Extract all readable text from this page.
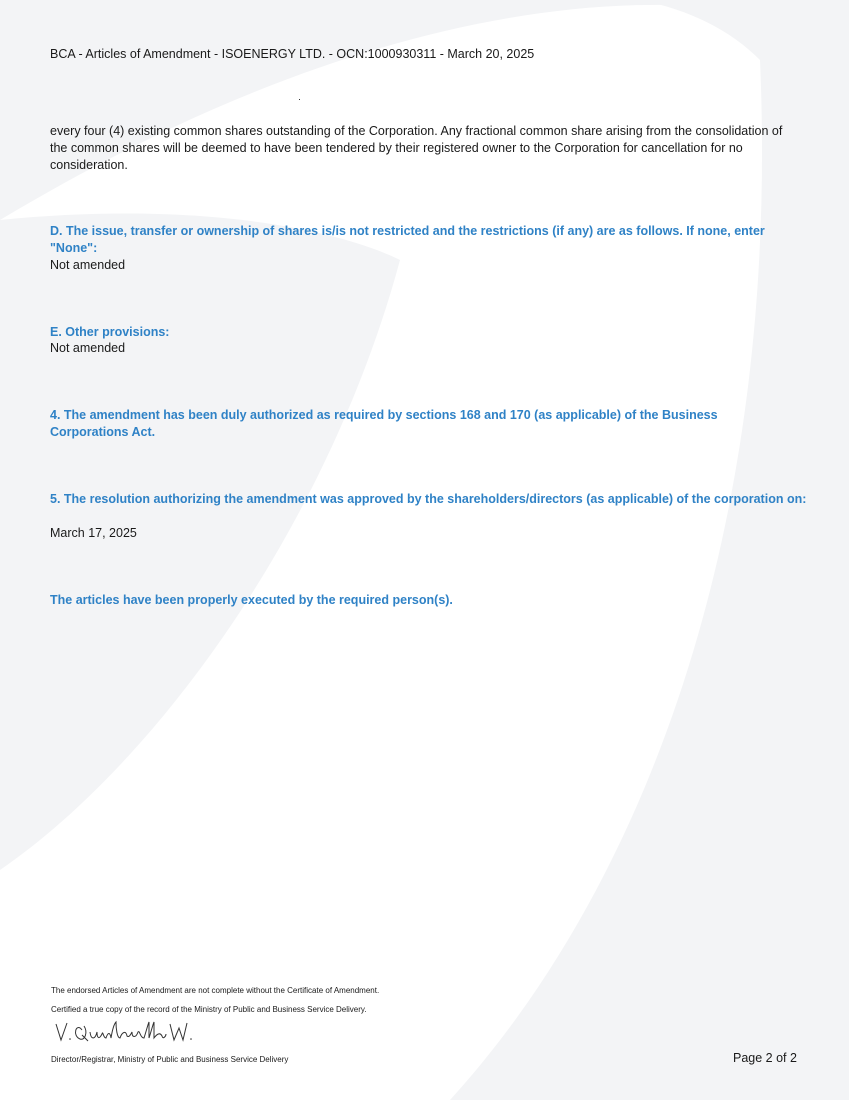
BCA - Articles of Amendment - ISOENERGY LTD. - OCN:1000930311 - March 20, 2025
every four (4) existing common shares outstanding of the Corporation. Any fractional common share arising from the consolidation of the common shares will be deemed to have been tendered by their registered owner to the Corporation for cancellation for no consideration.
D. The issue, transfer or ownership of shares is/is not restricted and the restrictions (if any) are as follows. If none, enter "None":
Not amended
E. Other provisions:
Not amended
4. The amendment has been duly authorized as required by sections 168 and 170 (as applicable) of the Business Corporations Act.
5. The resolution authorizing the amendment was approved by the shareholders/directors (as applicable) of the corporation on:
March 17, 2025
The articles have been properly executed by the required person(s).
The endorsed Articles of Amendment are not complete without the Certificate of Amendment.
Certified a true copy of the record of the Ministry of Public and Business Service Delivery.
Director/Registrar, Ministry of Public and Business Service Delivery	Page 2 of 2
